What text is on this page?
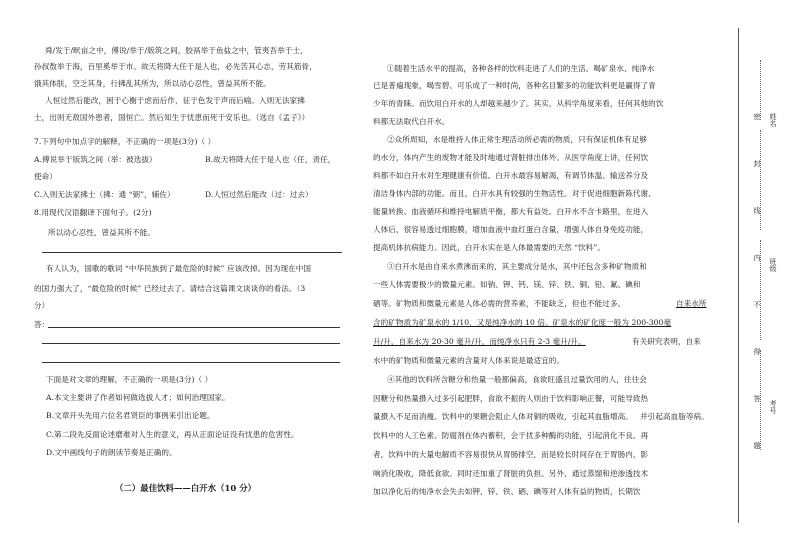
舜/发于/畎亩之中，傅说/举于/版筑之间，胶鬲举于鱼盐之中，管夷吾举于士，
孙叔敖举于海，百里奚举于市。故天将降大任于是人也，必先苦其心志，劳其筋骨，
饿其体肤，空乏其身，行拂乱其所为，所以动心忍性，曾益其所不能。
人恒过然后能改，困于心衡于虑而后作，征于色发于声而后喻。入则无法家拂
士，出则无敌国外患者，国恒亡。然后知生于忧患而死于安乐也。（选自《孟子》）
7.下列句中加点字的解释，不正确的一项是(3分)（ ）
A.傅说举于版筑之间（举：被选拔）	B.故天将降大任于是人也（任，责任，
使命）
C.入则无法家拂士（拂：通 “弼”，辅佐）	D.人恒过然后能改（过：过去）
8.用现代汉语翻译下面句子。(2分)
所以动心忍性，曾益其所不能。
有人认为，国歌的歌词 “中华民族到了最危险的时候” 应该改掉。因为现在中国
的国力强大了，“最危险的时候” 已经过去了。请结合这篇课文谈谈你的看法。（3
分）
答：
下面是对文章的理解，不正确的一项是(3分)（ ）
A.本文主要讲了作者如何做选拔人才；如何治理国家。
B.文章开头先用六位名君贤臣的事例来引出论题。
C.第二段先反面论述磨难对人生的意义，再从正面论证没有忧患的危害性。
D.文中画线句子的朗读节奏是正确的。
（二）最佳饮料——白开水（10 分）
①随着生活水平的提高，各种各样的饮料走进了人们的生活。喝矿泉水、纯净水
已是普遍现象，喝雪碧、可乐成了一种时尚，各种名目繁多的功能饮料更是赢得了青
少年的青睐。而饮用白开水的人却越来越少了。其实，从科学角度来看，任何其他的饮
料都无法取代白开水。
②众所周知，水是维持人体正常生理活动所必需的物质，只有保证机体有足够
的水分，体内产生的废物才能及时地通过肾脏排出体外。从医学角度上讲，任何饮
料都不如白开水对生理健康有价值。白开水最容易解渴，有调节体温、输送养分及
清洁身体内部的功能。而且，白开水具有较强的生物活性。对于促进细胞新陈代谢、
能量转换、血液循环和维持电解质平衡，都大有益处。白开水不含卡路里，在进入
人体后，很容易透过细胞膜，增加血液中血红蛋白含量，增强人体自身免疫功能，
提高机体抗病能力。因此，白开水实在是人体最需要的天然 “饮料”。
③白开水是由自来水煮沸而来的，其主要成分是水，其中还包含多种矿物质和
一些人体需要极少的微量元素。如钠、钾、钙、镁、锌、铁、铜、铅、氟、碘和
硒等。矿物质和微量元素是人体必需的营养素，不能缺乏，但也不能过多。	自来水所
含的矿物质为矿泉水的 1/10，又是纯净水的 10 倍。矿泉水的矿化度一般为 200-300毫
升/升，自来水为 20-30 毫升/升，而纯净水只有 2-3 毫升/升。	有关研究表明，自来
水中的矿物质和微量元素的含量对人体来说是最适宜的。
④其他的饮料所含糖分和热量一般都偏高，食欲旺盛且过量饮用的人，往往会
因糖分和热量摄入过多引起肥胖，食欲不振的人则由于饮料影响正餐，可能导致热
量摄入不足而消瘦。饮料中的果糖会阻止人体对铜的吸收，引起其血脂增高。 并引起高血脂等病。
饮料中的人工色素、防腐剂在体内蓄积，会干扰多种酶的功能，引起消化不良。再
者，饮料中的大量电解质不容易很快从胃肠排空，而是较长时间存在于胃肠内，影
响消化吸收，降低食欲。同时还加重了肾脏的负担。另外，通过蒸馏和逆渗透技术
加以净化后的纯净水会失去如钾、锌、铁、硒、碘等对人体有益的物质，长期饮
密
封
线
内
不
得
答
题
姓名
班级
考号
